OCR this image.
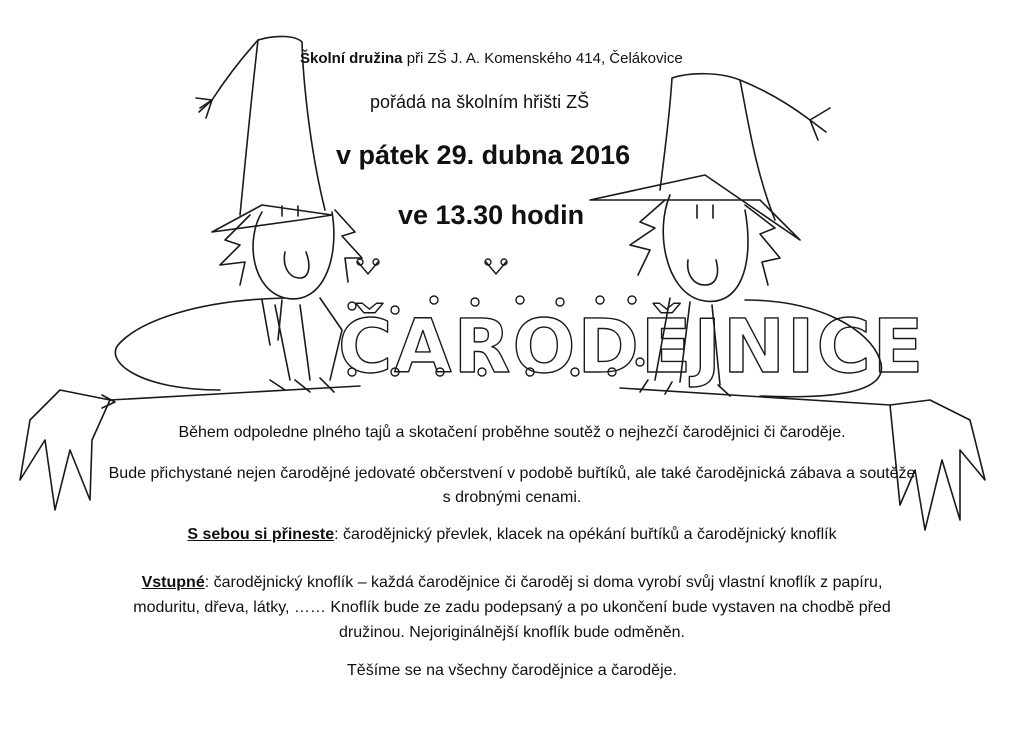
ČARODĚJNICE
Školní družina při ZŠ J. A. Komenského 414, Čelákovice
pořádá na školním hřišti ZŠ
v pátek 29. dubna 2016
ve 13.30 hodin
Během odpoledne plného tajů a skotačení proběhne soutěž o nejhezčí čarodějnici či čaroděje.
Bude přichystané nejen čarodějné jedovaté občerstvení v podobě buřtíků, ale také čarodějnická zábava a soutěže
s drobnými cenami.
S sebou si přineste: čarodějnický převlek, klacek na opékání buřtíků a čarodějnický knoflík
Vstupné: čarodějnický knoflík – každá čarodějnice či čaroděj si doma vyrobí svůj vlastní knoflík z papíru,
moduritu, dřeva, látky, …… Knoflík bude ze zadu podepsaný a po ukončení bude vystaven na chodbě před
družinou. Nejoriginálnější knoflík bude odměněn.
Těšíme se na všechny čarodějnice a čaroděje.
